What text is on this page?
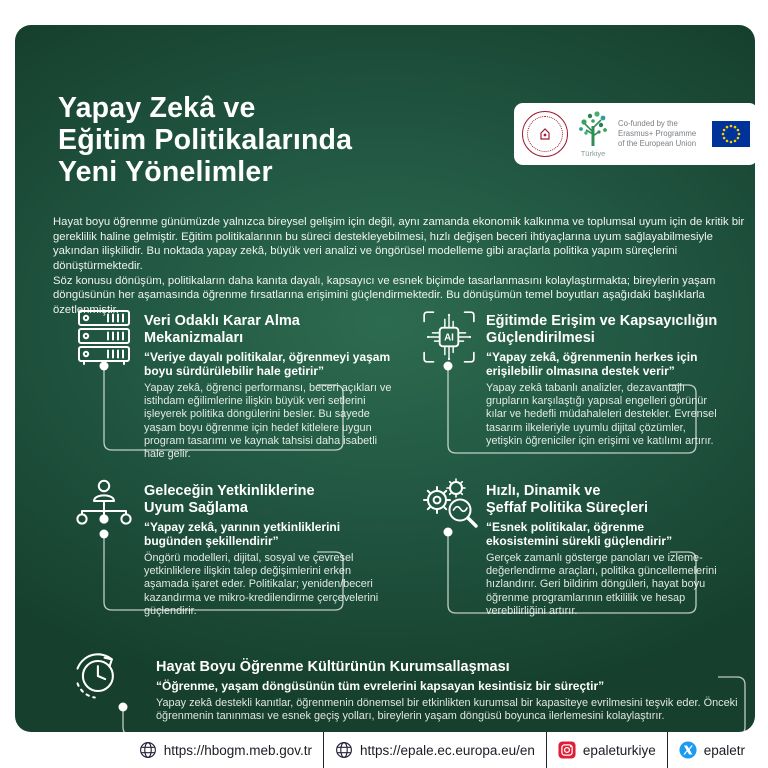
Yapay Zekâ ve
Eğitim Politikalarında
Yeni Yönelimler
Türkiye
Co-funded by the
Erasmus+ Programme
of the European Union

Hayat boyu öğrenme günümüzde yalnızca bireysel gelişim için değil, aynı zamanda ekonomik kalkınma ve toplumsal uyum için de kritik bir gereklilik haline gelmiştir. Eğitim politikalarının bu süreci destekleyebilmesi, hızlı değişen beceri ihtiyaçlarına uyum sağlayabilmesiyle yakından ilişkilidir. Bu noktada yapay zekâ, büyük veri analizi ve öngörüsel modelleme gibi araçlarla politika yapım süreçlerini dönüştürmektedir.

Söz konusu dönüşüm, politikaların daha kanıta dayalı, kapsayıcı ve esnek biçimde tasarlanmasını kolaylaştırmakta; bireylerin yaşam döngüsünün her aşamasında öğrenme fırsatlarına erişimini güçlendirmektedir. Bu dönüşümün temel boyutları aşağıdaki başlıklarla özetlenmiştir.

Veri Odaklı Karar Alma
Mekanizmaları
“Veriye dayalı politikalar, öğrenmeyi yaşam boyu sürdürülebilir hale getirir”
Yapay zekâ, öğrenci performansı, beceri açıkları ve istihdam eğilimlerine ilişkin büyük veri setlerini işleyerek politika döngülerini besler. Bu sayede yaşam boyu öğrenme için hedef kitlelere uygun program tasarımı ve kaynak tahsisi daha isabetli hale gelir.
AI
Eğitimde Erişim ve Kapsayıcılığın
Güçlendirilmesi
“Yapay zekâ, öğrenmenin herkes için erişilebilir olmasına destek verir”
Yapay zekâ tabanlı analizler, dezavantajlı grupların karşılaştığı yapısal engelleri görünür kılar ve hedefli müdahaleleri destekler. Evrensel tasarım ilkeleriyle uyumlu dijital çözümler, yetişkin öğreniciler için erişimi ve katılımı artırır.
Geleceğin Yetkinliklerine
Uyum Sağlama
“Yapay zekâ, yarının yetkinliklerini bugünden şekillendirir”
Öngörü modelleri, dijital, sosyal ve çevresel yetkinliklere ilişkin talep değişimlerini erken aşamada işaret eder. Politikalar; yeniden/beceri kazandırma ve mikro-kredilendirme çerçevelerini güçlendirir.
Hızlı, Dinamik ve
Şeffaf Politika Süreçleri
“Esnek politikalar, öğrenme ekosistemini sürekli güçlendirir”
Gerçek zamanlı gösterge panoları ve izleme-değerlendirme araçları, politika güncellemelerini hızlandırır. Geri bildirim döngüleri, hayat boyu öğrenme programlarının etkililik ve hesap verebilirliğini artırır.
Hayat Boyu Öğrenme Kültürünün Kurumsallaşması
“Öğrenme, yaşam döngüsünün tüm evrelerini kapsayan kesintisiz bir süreçtir”
Yapay zekâ destekli kanıtlar, öğrenmenin dönemsel bir etkinlikten kurumsal bir kapasiteye evrilmesini teşvik eder. Önceki öğrenmenin tanınması ve esnek geçiş yolları, bireylerin yaşam döngüsü boyunca ilerlemesini kolaylaştırır.
https://hbogm.meb.gov.tr	https://epale.ec.europa.eu/en	epaleturkiye	epaletr
